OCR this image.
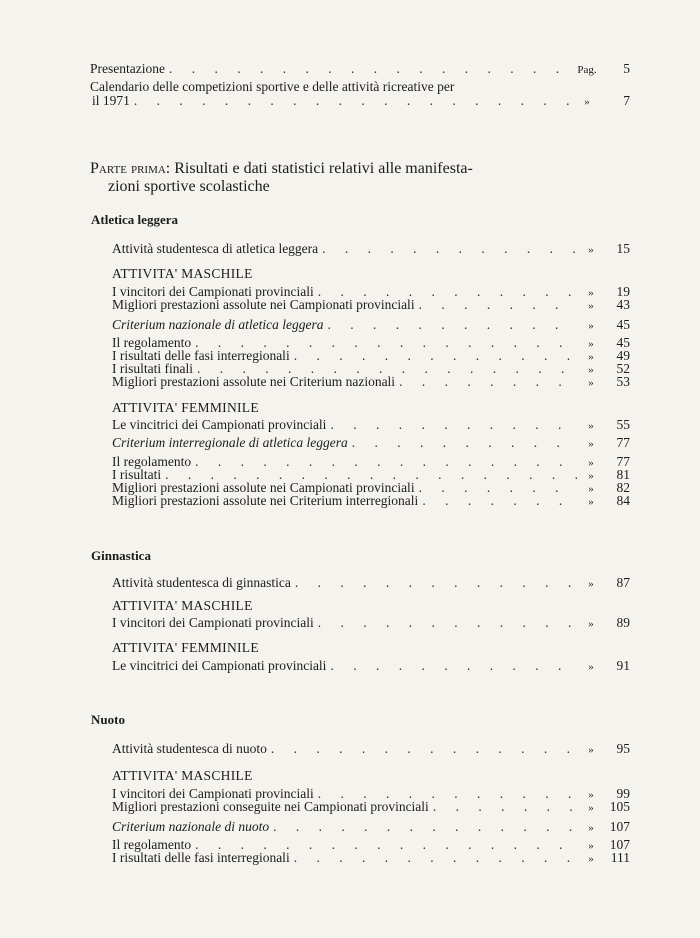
Presentazione . . .	Pag.	5
Calendario delle competizioni sportive e delle attività ricreative per
il 1971 . . .	»	7
Parte prima: Risultati e dati statistici relativi alle manifesta-
zioni sportive scolastiche
Atletica leggera
Attività studentesca di atletica leggera . . .	»	15
ATTIVITA' MASCHILE
I vincitori dei Campionati provinciali . . .	»	19
Migliori prestazioni assolute nei Campionati provinciali . . .	»	43
Criterium nazionale di atletica leggera . . .	»	45
Il regolamento . . .	»	45
I risultati delle fasi interregionali . . .	»	49
I risultati finali . . .	»	52
Migliori prestazioni assolute nei Criterium nazionali . . .	»	53
ATTIVITA' FEMMINILE
Le vincitrici dei Campionati provinciali . . .	»	55
Criterium interregionale di atletica leggera . . .	»	77
Il regolamento . . .	»	77
I risultati . . .	»	81
Migliori prestazioni assolute nei Campionati provinciali . . .	»	82
Migliori prestazioni assolute nei Criterium interregionali . . .	»	84
Ginnastica
Attività studentesca di ginnastica . . .	»	87
ATTIVITA' MASCHILE
I vincitori dei Campionati provinciali . . .	»	89
ATTIVITA' FEMMINILE
Le vincitrici dei Campionati provinciali . . .	»	91
Nuoto
Attività studentesca di nuoto . . .	»	95
ATTIVITA' MASCHILE
I vincitori dei Campionati provinciali . . .	»	99
Migliori prestazioni conseguite nei Campionati provinciali . . .	»	105
Criterium nazionale di nuoto . . .	»	107
Il regolamento . . .	»	107
I risultati delle fasi interregionali . . .	»	111
